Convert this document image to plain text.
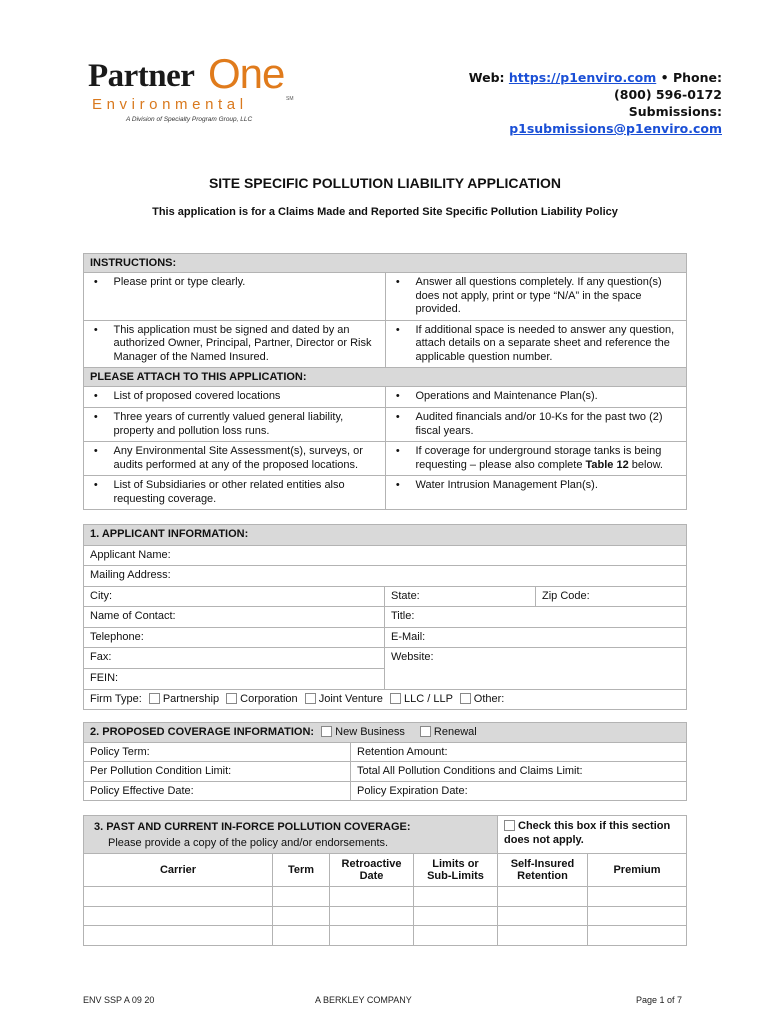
Partner One
Environmental	SM
A Division of Specialty Program Group, LLC
Web: https://p1enviro.com • Phone:
(800) 596-0172
Submissions:
p1submissions@p1enviro.com
SITE SPECIFIC POLLUTION LIABILITY APPLICATION
This application is for a Claims Made and Reported Site Specific Pollution Liability Policy
INSTRUCTIONS:			
•	Please print or type clearly.	•	Answer all questions completely. If any question(s) does not apply, print or type “N/A” in the space provided.
•	This application must be signed and dated by an authorized Owner, Principal, Partner, Director or Risk Manager of the Named Insured.	•	If additional space is needed to answer any question, attach details on a separate sheet and reference the applicable question number.
PLEASE ATTACH TO THIS APPLICATION:			
•	List of proposed covered locations	•	Operations and Maintenance Plan(s).
•	Three years of currently valued general liability, property and pollution loss runs.	•	Audited financials and/or 10-Ks for the past two (2) fiscal years.
•	Any Environmental Site Assessment(s), surveys, or audits performed at any of the proposed locations.	•	If coverage for underground storage tanks is being requesting – please also complete Table 12 below.
•	List of Subsidiaries or other related entities also requesting coverage.	•	Water Intrusion Management Plan(s).
1. APPLICANT INFORMATION:		
Applicant Name:		
Mailing Address:		
City:	State:	Zip Code:
Name of Contact:	Title:	
Telephone:	E-Mail:	
Fax:	Website:	
FEIN:		
Firm Type: Partnership Corporation Joint Venture LLC / LLP Other:		
2. PROPOSED COVERAGE INFORMATION: New Business Renewal	
Policy Term:	Retention Amount:
Per Pollution Condition Limit:	Total All Pollution Conditions and Claims Limit:
Policy Effective Date:	Policy Expiration Date:
3. PAST AND CURRENT IN-FORCE POLLUTION COVERAGE:
Please provide a copy of the policy and/or endorsements.				Check this box if this section does not apply.	
Carrier	Term	Retroactive Date	Limits or Sub-Limits	Self-Insured Retention	Premium

ENV SSP A 09 20	A BERKLEY COMPANY	Page 1 of 7
